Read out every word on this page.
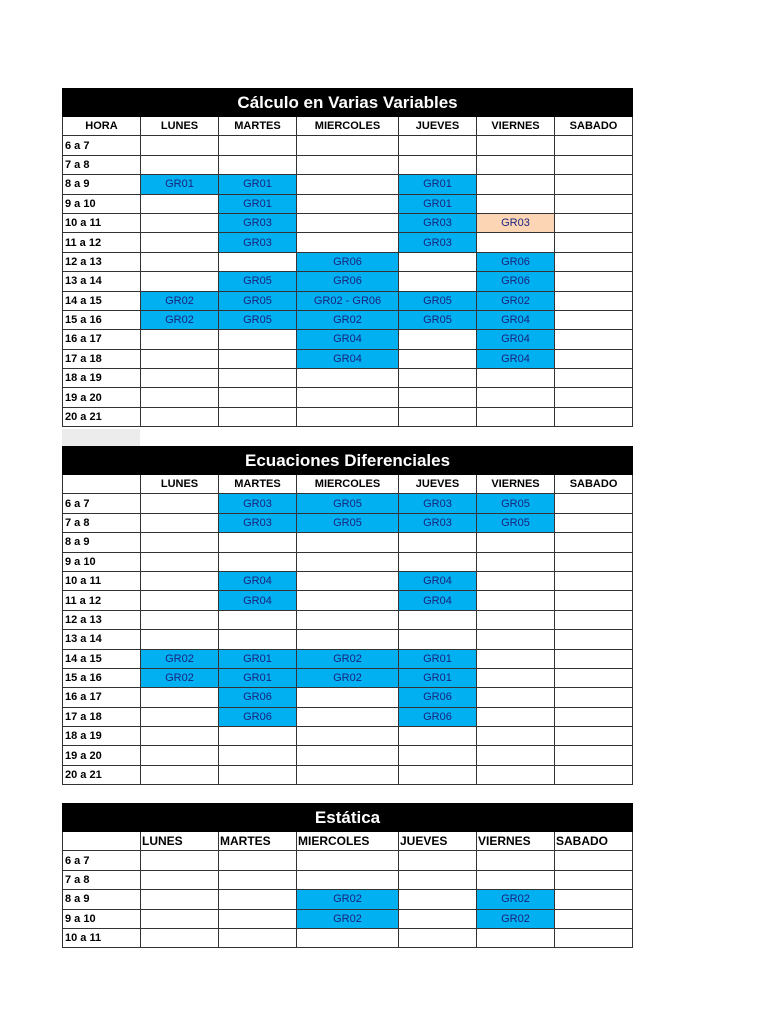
Cálculo en Varias Variables						
HORA	LUNES	MARTES	MIERCOLES	JUEVES	VIERNES	SABADO
6 a 7						
7 a 8						
8 a 9	GR01	GR01		GR01		
9 a 10		GR01		GR01		
10 a 11		GR03		GR03	GR03	
11 a 12		GR03		GR03		
12 a 13			GR06		GR06	
13 a 14		GR05	GR06		GR06	
14 a 15	GR02	GR05	GR02 - GR06	GR05	GR02	
15 a 16	GR02	GR05	GR02	GR05	GR04	
16 a 17			GR04		GR04	
17 a 18			GR04		GR04	
18 a 19						
19 a 20						
20 a 21						
Ecuaciones Diferenciales						
	LUNES	MARTES	MIERCOLES	JUEVES	VIERNES	SABADO
6 a 7		GR03	GR05	GR03	GR05	
7 a 8		GR03	GR05	GR03	GR05	
8 a 9						
9 a 10						
10 a 11		GR04		GR04		
11 a 12		GR04		GR04		
12 a 13						
13 a 14						
14 a 15	GR02	GR01	GR02	GR01		
15 a 16	GR02	GR01	GR02	GR01		
16 a 17		GR06		GR06		
17 a 18		GR06		GR06		
18 a 19						
19 a 20						
20 a 21						
Estática						
	LUNES	MARTES	MIERCOLES	JUEVES	VIERNES	SABADO
6 a 7						
7 a 8						
8 a 9			GR02		GR02	
9 a 10			GR02		GR02	
10 a 11						
